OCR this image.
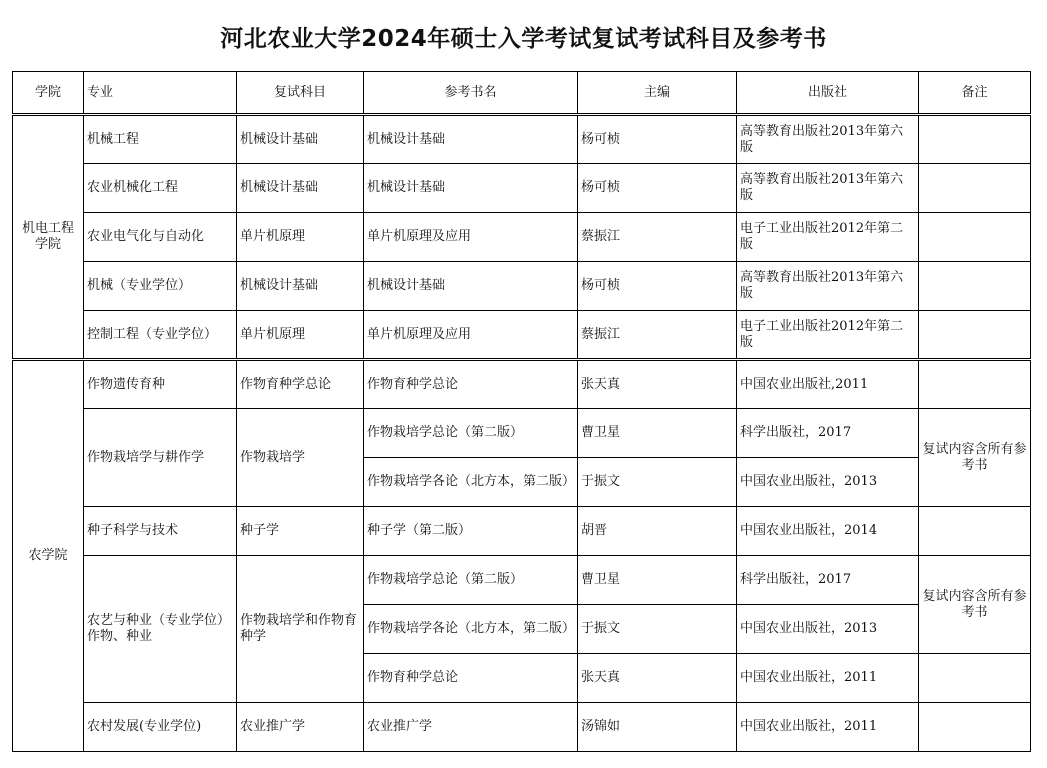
河北农业大学2024年硕士入学考试复试考试科目及参考书
学院	专业	复试科目	参考书名	主编	出版社	备注
机电工程学院	机械工程	机械设计基础	机械设计基础	杨可桢	高等教育出版社2013年第六版	
	农业机械化工程	机械设计基础	机械设计基础	杨可桢	高等教育出版社2013年第六版	
	农业电气化与自动化	单片机原理	单片机原理及应用	蔡振江	电子工业出版社2012年第二版	
	机械（专业学位）	机械设计基础	机械设计基础	杨可桢	高等教育出版社2013年第六版	
	控制工程（专业学位）	单片机原理	单片机原理及应用	蔡振江	电子工业出版社2012年第二版	
农学院	作物遗传育种	作物育种学总论	作物育种学总论	张天真	中国农业出版社,2011	
	作物栽培学与耕作学	作物栽培学	作物栽培学总论（第二版）	曹卫星	科学出版社，2017	复试内容含所有参考书
			作物栽培学各论（北方本，第二版）	于振文	中国农业出版社，2013	
	种子科学与技术	种子学	种子学（第二版）	胡晋	中国农业出版社，2014	
	农艺与种业（专业学位）作物、种业	作物栽培学和作物育种学	作物栽培学总论（第二版）	曹卫星	科学出版社，2017	复试内容含所有参考书
			作物栽培学各论（北方本，第二版）	于振文	中国农业出版社，2013	
			作物育种学总论	张天真	中国农业出版社，2011	
	农村发展(专业学位)	农业推广学	农业推广学	汤锦如	中国农业出版社，2011	
